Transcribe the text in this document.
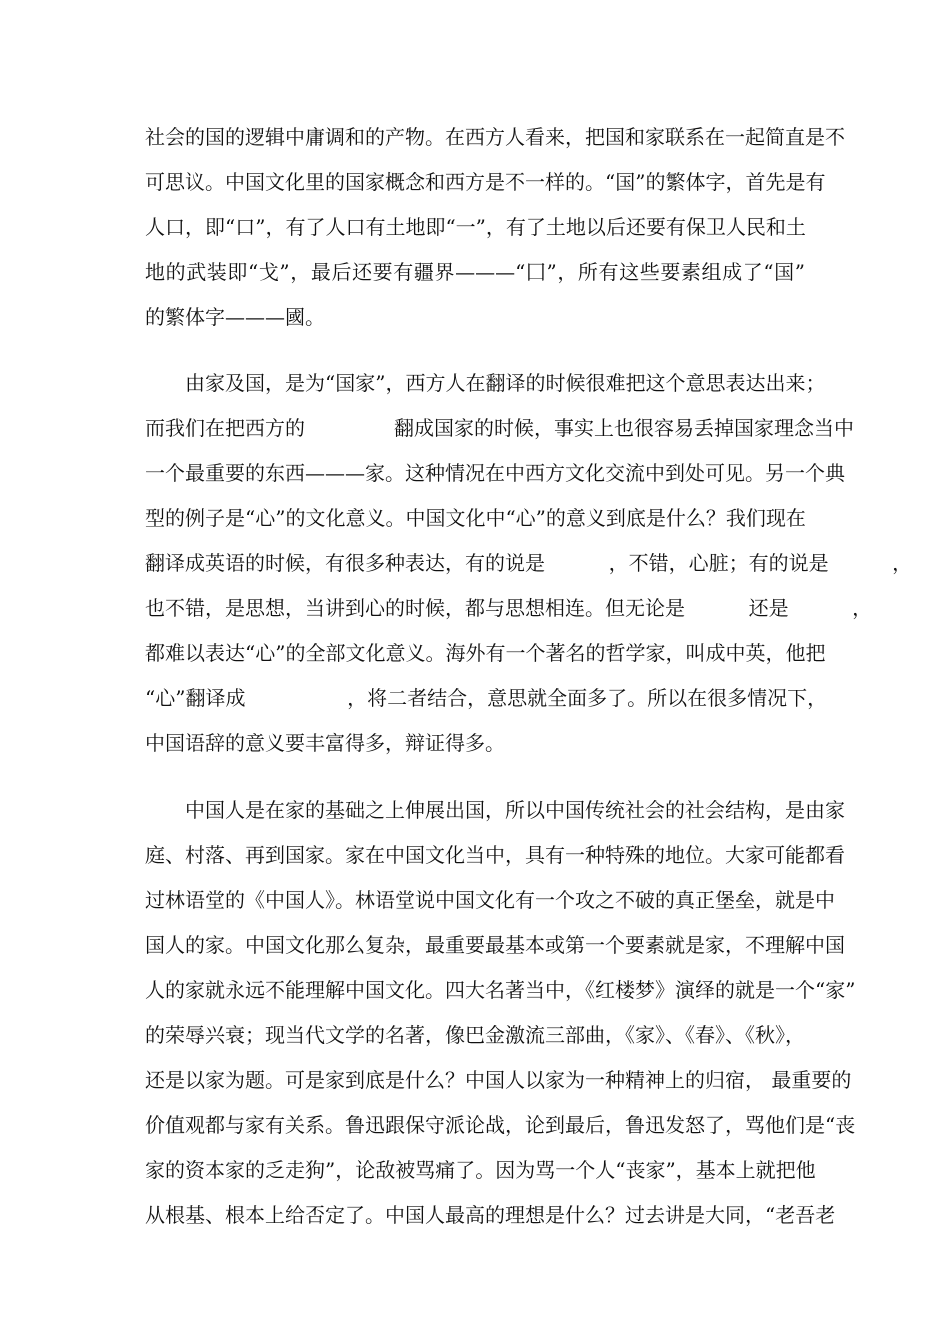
社会的国的逻辑中庸调和的产物。在西方人看来，把国和家联系在一起简直是不
可思议。中国文化里的国家概念和西方是不一样的。“国”的繁体字，首先是有
人口，即“口”，有了人口有土地即“一”，有了土地以后还要有保卫人民和土
地的武装即“戈”，最后还要有疆界———“囗”，所有这些要素组成了“国”
的繁体字———國。
由家及国，是为“国家”，西方人在翻译的时候很难把这个意思表达出来；
而我们在把西方的              翻成国家的时候，事实上也很容易丢掉国家理念当中
一个最重要的东西———家。这种情况在中西方文化交流中到处可见。另一个典
型的例子是“心”的文化意义。中国文化中“心”的意义到底是什么？我们现在
翻译成英语的时候，有很多种表达，有的说是          ，不错，心脏；有的说是          ，
也不错，是思想，当讲到心的时候，都与思想相连。但无论是          还是          ，
都难以表达“心”的全部文化意义。海外有一个著名的哲学家，叫成中英，他把
“心”翻译成                ，将二者结合，意思就全面多了。所以在很多情况下，
中国语辞的意义要丰富得多，辩证得多。
中国人是在家的基础之上伸展出国，所以中国传统社会的社会结构，是由家
庭、村落、再到国家。家在中国文化当中，具有一种特殊的地位。大家可能都看
过林语堂的《中国人》。林语堂说中国文化有一个攻之不破的真正堡垒，就是中
国人的家。中国文化那么复杂，最重要最基本或第一个要素就是家，不理解中国
人的家就永远不能理解中国文化。四大名著当中，《红楼梦》演绎的就是一个“家”
的荣辱兴衰；现当代文学的名著，像巴金激流三部曲，《家》、《春》、《秋》，
还是以家为题。可是家到底是什么？中国人以家为一种精神上的归宿， 最重要的
价值观都与家有关系。鲁迅跟保守派论战，论到最后，鲁迅发怒了，骂他们是“丧
家的资本家的乏走狗”，论敌被骂痛了。因为骂一个人“丧家”，基本上就把他
从根基、根本上给否定了。中国人最高的理想是什么？过去讲是大同，“老吾老
